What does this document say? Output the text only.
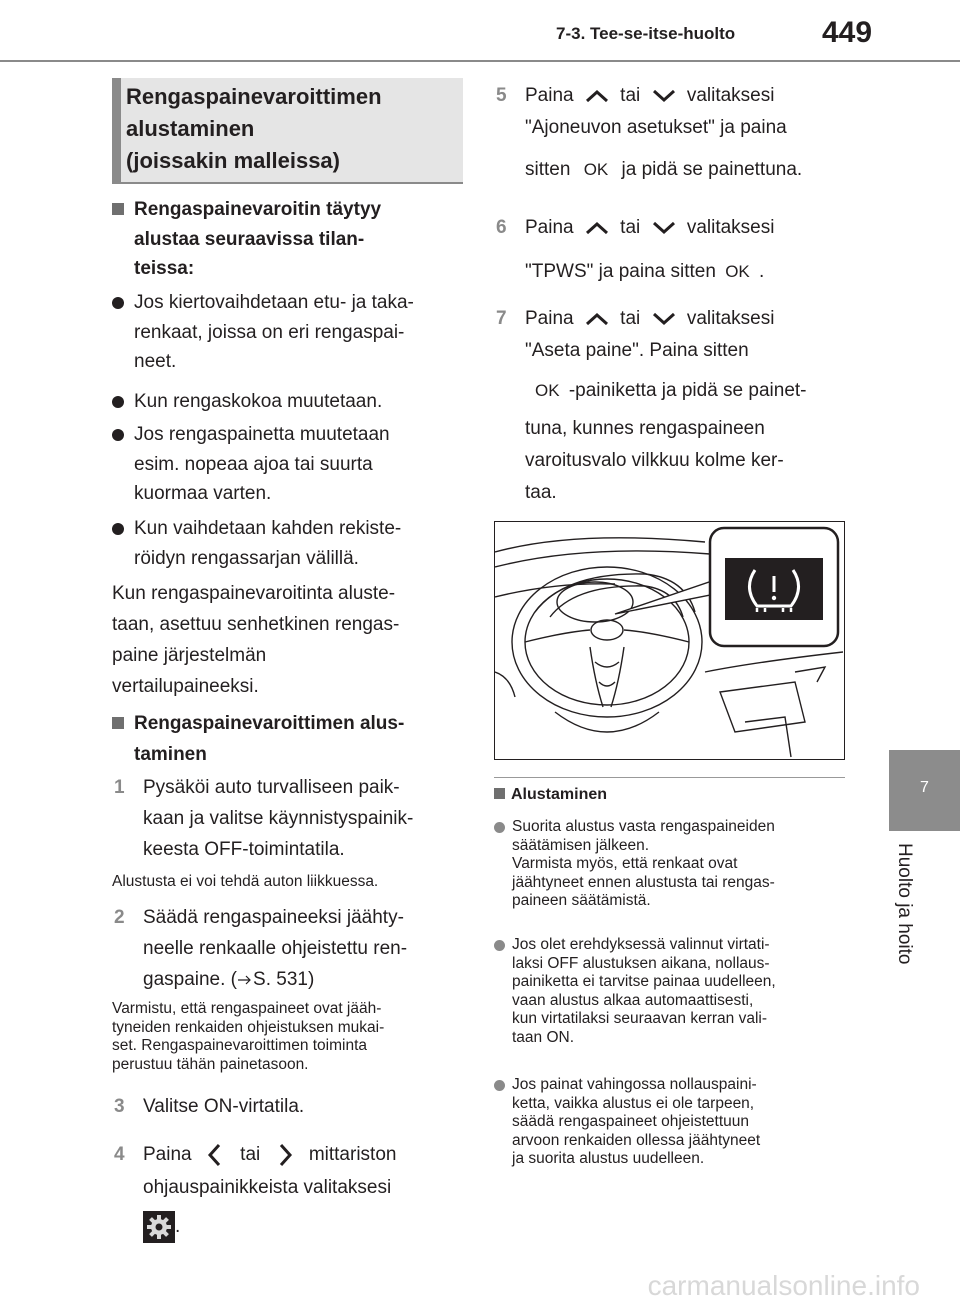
7-3. Tee-se-itse-huolto	449
7
Huolto ja hoito
Rengaspainevaroittimen
alustaminen
(joissakin malleissa)
Rengaspainevaroitin täytyy
alustaa seuraavissa tilan-
teissa:
Jos kiertovaihdetaan etu- ja taka-
renkaat, joissa on eri rengaspai-
neet.
Kun rengaskokoa muutetaan.
Jos rengaspainetta muutetaan
esim. nopeaa ajoa tai suurta
kuormaa varten.
Kun vaihdetaan kahden rekiste-
röidyn rengassarjan välillä.
Kun rengaspainevaroitinta aluste-
taan, asettuu senhetkinen rengas-
paine järjestelmän
vertailupaineeksi.
Rengaspainevaroittimen alus-
taminen
1 Pysäköi auto turvalliseen paik-
kaan ja valitse käynnistyspainik-
keesta OFF-toimintatila.
Alustusta ei voi tehdä auton liikkuessa.
2 Säädä rengaspaineeksi jäähty-
neelle renkaalle ohjeistettu ren-
gaspaine. ( S. 531)
Varmistu, että rengaspaineet ovat jääh-
tyneiden renkaiden ohjeistuksen mukai-
set. Rengaspainevaroittimen toiminta
perustuu tähän painetasoon.
3 Valitse ON-virtatila.
4 Paina	tai	mittariston
ohjauspainikkeista valitaksesi
.
5 Paina tai valitaksesi
"Ajoneuvon asetukset" ja paina
sitten OK ja pidä se painettuna.
6 Paina tai valitaksesi
"TPWS" ja paina sitten OK .
7 Paina tai valitaksesi
"Aseta paine". Paina sitten
OK -painiketta ja pidä se painet-
tuna, kunnes rengaspaineen
varoitusvalo vilkkuu kolme ker-
taa.
Alustaminen
Suorita alustus vasta rengaspaineiden
säätämisen jälkeen.
Varmista myös, että renkaat ovat
jäähtyneet ennen alustusta tai rengas-
paineen säätämistä.
Jos olet erehdyksessä valinnut virtati-
laksi OFF alustuksen aikana, nollaus-
painiketta ei tarvitse painaa uudelleen,
vaan alustus alkaa automaattisesti,
kun virtatilaksi seuraavan kerran vali-
taan ON.
Jos painat vahingossa nollauspaini-
ketta, vaikka alustus ei ole tarpeen,
säädä rengaspaineet ohjeistettuun
arvoon renkaiden ollessa jäähtyneet
ja suorita alustus uudelleen.
carmanualsonline.info
